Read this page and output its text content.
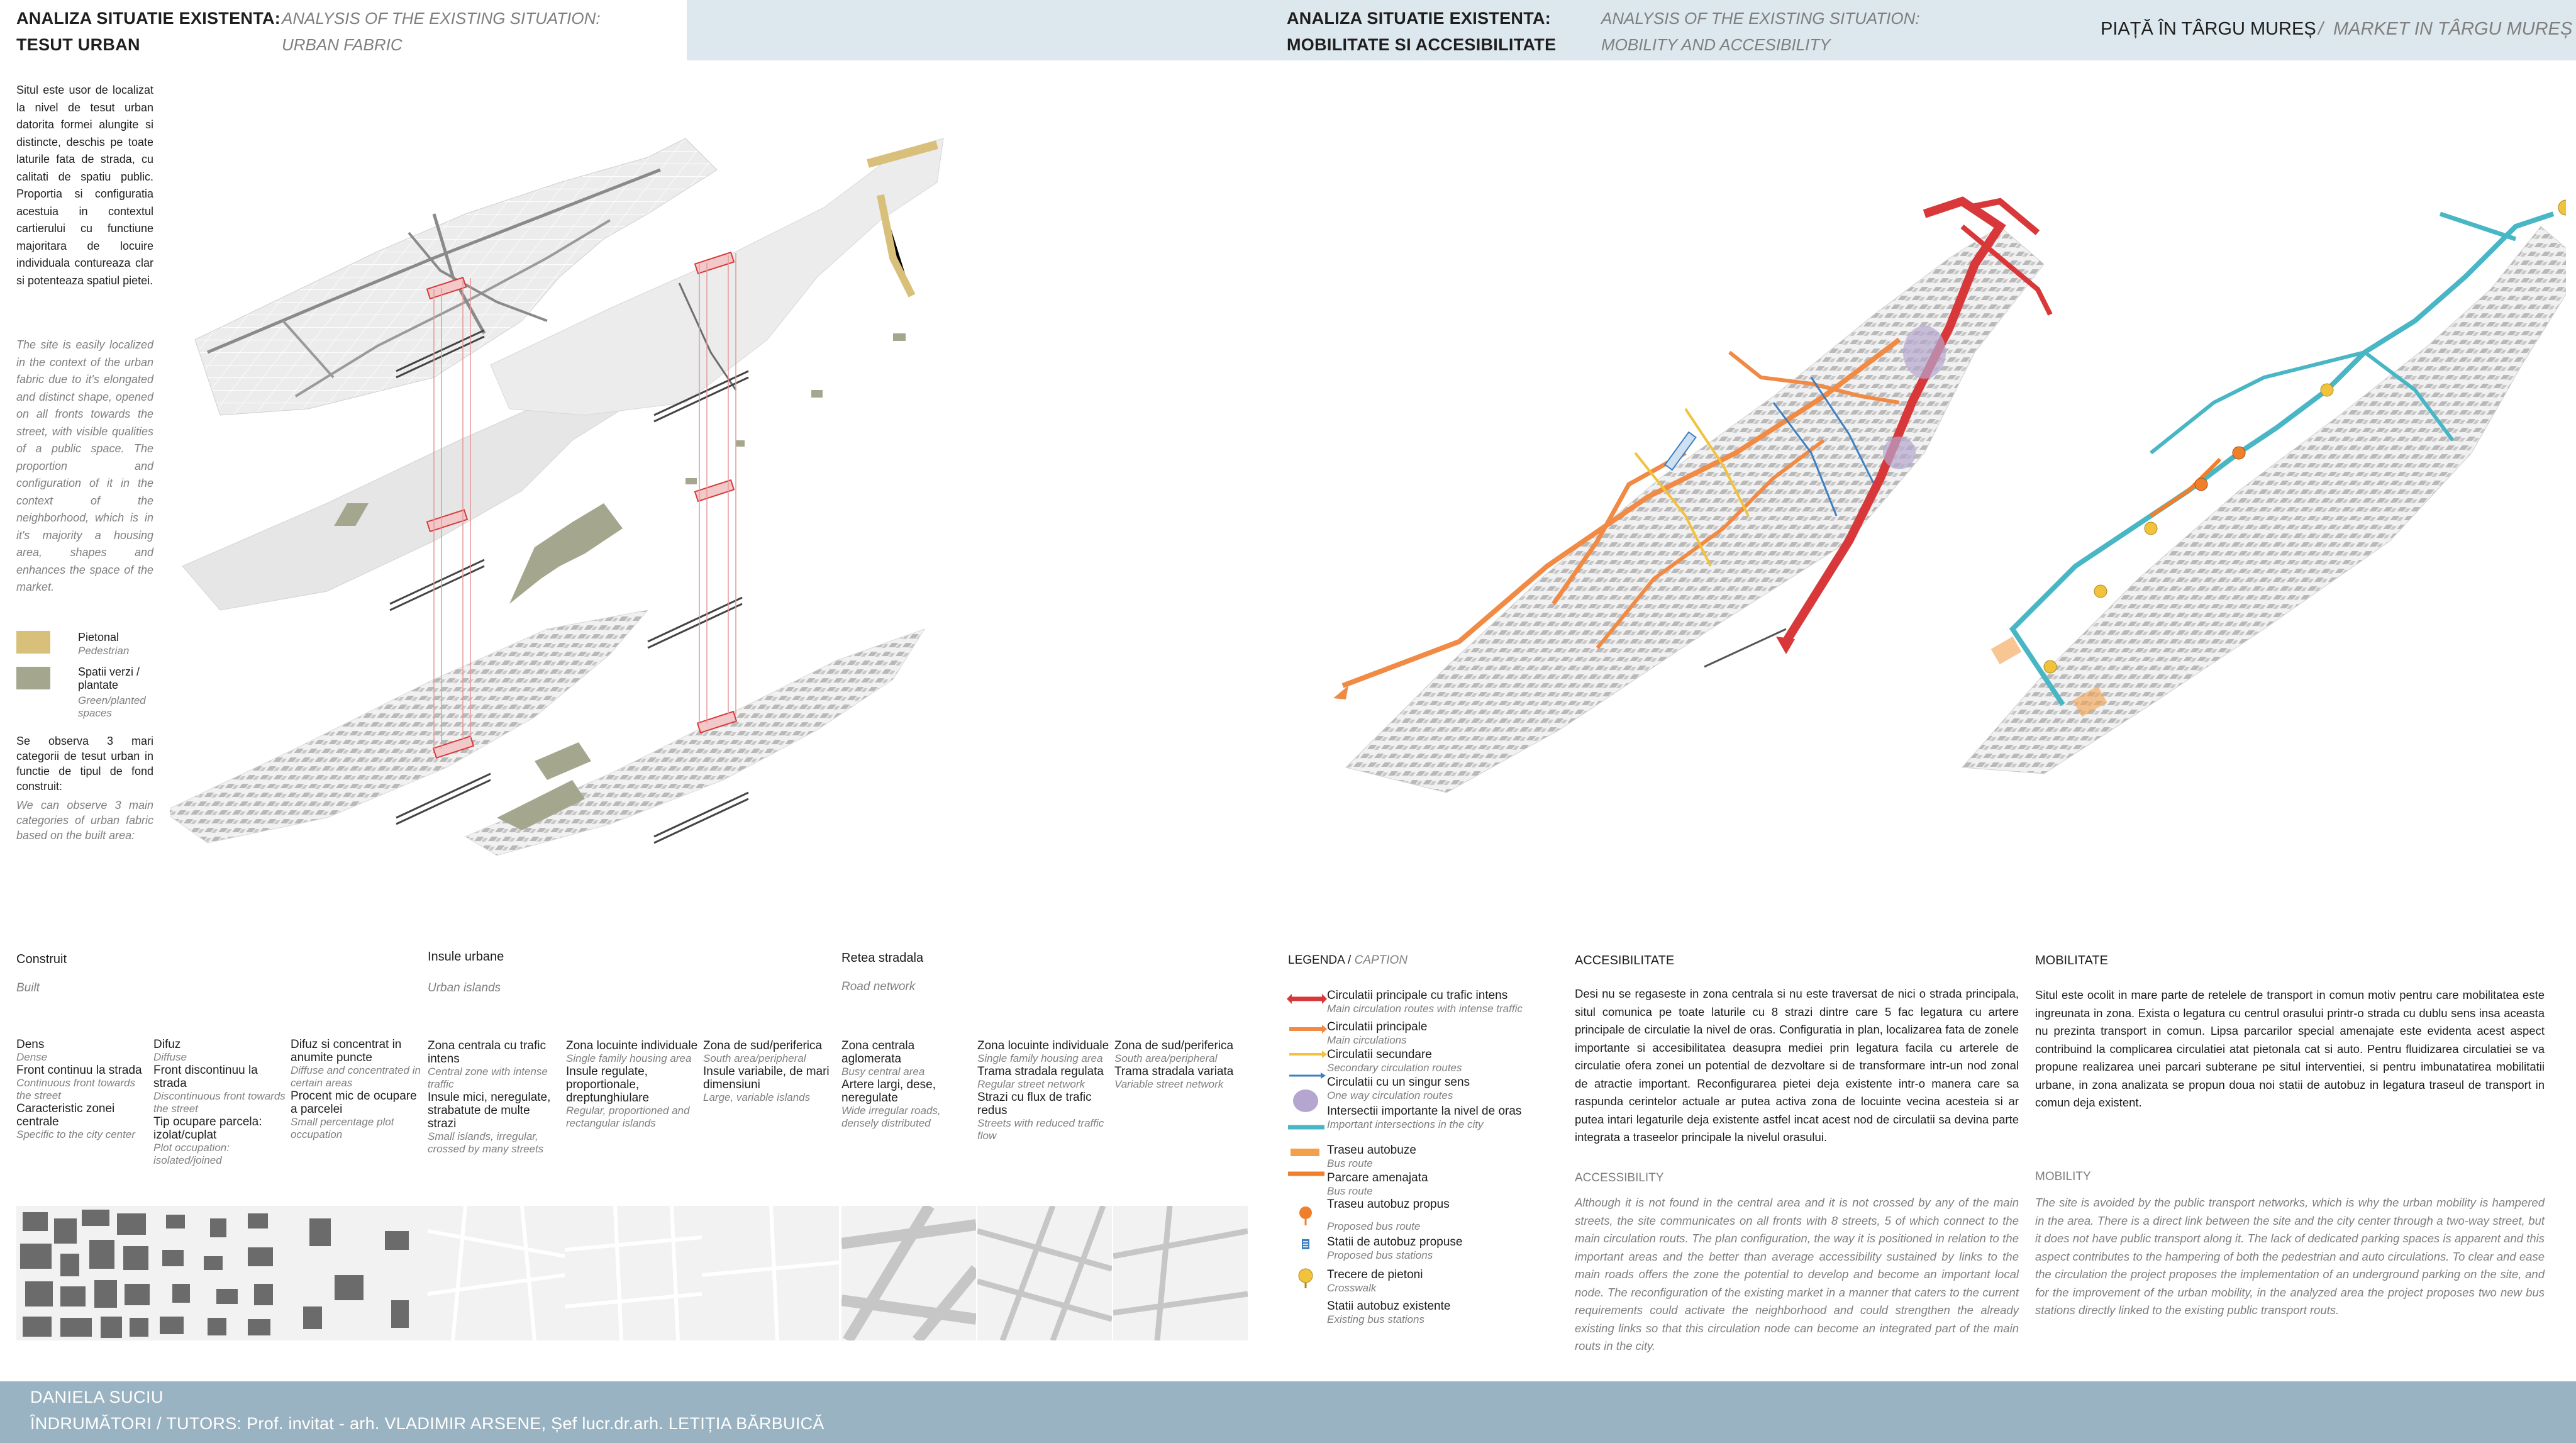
ANALIZA SITUATIE EXISTENTA:
TESUT URBAN
ANALYSIS OF THE EXISTING SITUATION:
URBAN FABRIC
ANALIZA SITUATIE EXISTENTA:
MOBILITATE SI ACCESIBILITATE
ANALYSIS OF THE EXISTING SITUATION:
MOBILITY AND ACCESIBILITY
PIAȚĂ ÎN TÂRGU MUREȘ / MARKET IN TÂRGU MUREȘ
Situl este usor de localizat la nivel de tesut urban datorita formei alungite si distincte, deschis pe toate laturile fata de strada, cu calitati de spatiu public. Proportia si configuratia acestuia in contextul cartierului cu functiune majoritara de locuire individuala contureaza clar si potenteaza spatiul pietei.
The site is easily localized in the context of the urban fabric due to it's elongated and distinct shape, opened on all fronts towards the street, with visible qualities of a public space. The proportion and configuration of it in the context of the neighborhood, which is in it's majority a housing area, shapes and enhances the space of the market.
Pietonal
Pedestrian
Spatii verzi / plantate
Green/planted spaces
Se observa 3 mari categorii de tesut urban in functie de tipul de fond construit:
We can observe 3 main categories of urban fabric based on the built area:
Construit
Built
Insule urbane
Urban islands
Retea stradala
Road network
Dens
Dense
Front continuu la strada
Continuous front towards the street
Caracteristic zonei centrale
Specific to the city center
Difuz
Diffuse
Front discontinuu la strada
Discontinuous front towards the street
Tip ocupare parcela: izolat/cuplat
Plot occupation: isolated/joined
Difuz si concentrat in anumite puncte
Diffuse and concentrated in certain areas
Procent mic de ocupare a parcelei
Small percentage plot occupation
Zona centrala cu trafic intens
Central zone with intense traffic
Insule mici, neregulate, strabatute de multe strazi
Small islands, irregular, crossed by many streets
Zona locuinte individuale
Single family housing area
Insule regulate, proportionale, dreptunghiulare
Regular, proportioned and rectangular islands
Zona de sud/periferica
South area/peripheral
Insule variabile, de mari dimensiuni
Large, variable islands
Zona centrala aglomerata
Busy central area
Artere largi, dese, neregulate
Wide irregular roads, densely distributed
Zona locuinte individuale
Single family housing area
Trama stradala regulata
Regular street network
Strazi cu flux de trafic redus
Streets with reduced traffic flow
Zona de sud/periferica
South area/peripheral
Trama stradala variata
Variable street network
LEGENDA / CAPTION
Circulatii principale cu trafic intens
Main circulation routes with intense traffic
Circulatii principale
Main circulations
Circulatii secundare
Secondary circulation routes
Circulatii cu un singur sens
One way circulation routes
Intersectii importante la nivel de oras
Important intersections in the city
Traseu autobuze
Bus route
Parcare amenajata
Bus route
Traseu autobuz propus
Proposed bus route
Statii de autobuz propuse
Proposed bus stations
Trecere de pietoni
Crosswalk
Statii autobuz existente
Existing bus stations
ACCESIBILITATE
Desi nu se regaseste in zona centrala si nu este traversat de nici o strada principala, situl comunica pe toate laturile cu 8 strazi dintre care 5 fac legatura cu artere principale de circulatie la nivel de oras. Configuratia in plan, localizarea fata de zonele importante si accesibilitatea deasupra mediei prin legatura facila cu arterele de circulatie ofera zonei un potential de dezvoltare si de transformare intr-un nod zonal de atractie important. Reconfigurarea pietei deja existente intr-o manera care sa raspunda cerintelor actuale ar putea activa zona de locuinte vecina acesteia si ar putea intari legaturile deja existente astfel incat acest nod de circulatii sa devina parte integrata a traseelor principale la nivelul orasului.
ACCESSIBILITY
Although it is not found in the central area and it is not crossed by any of the main streets, the site communicates on all fronts with 8 streets, 5 of which connect to the main circulation routs. The plan configuration, the way it is positioned in relation to the important areas and the better than average accessibility sustained by links to the main roads offers the zone the potential to develop and become an important local node. The reconfiguration of the existing market in a manner that caters to the current requirements could activate the neighborhood and could strengthen the already existing links so that this circulation node can become an integrated part of the main routs in the city.
MOBILITATE
Situl este ocolit in mare parte de retelele de transport in comun motiv pentru care mobilitatea este ingreunata in zona. Exista o legatura cu centrul orasului printr-o strada cu dublu sens insa aceasta nu prezinta transport in comun. Lipsa parcarilor special amenajate este evidenta acest aspect contribuind la complicarea circulatiei atat pietonala cat si auto. Pentru fluidizarea circulatiei se va propune realizarea unei parcari subterane pe situl interventiei, si pentru imbunatatirea mobilitatii urbane, in zona analizata se propun doua noi statii de autobuz in legatura traseul de transport in comun deja existent.
MOBILITY
The site is avoided by the public transport networks, which is why the urban mobility is hampered in the area. There is a direct link between the site and the city center through a two-way street, but it does not have public transport along it. The lack of dedicated parking spaces is apparent and this aspect contributes to the hampering of both the pedestrian and auto circulations. To clear and ease the circulation the project proposes the implementation of an underground parking on the site, and for the improvement of the urban mobility, in the analyzed area the project proposes two new bus stations directly linked to the existing public transport routs.
DANIELA SUCIU
ÎNDRUMĂTORI / TUTORS: Prof. invitat - arh. VLADIMIR ARSENE, Șef lucr.dr.arh. LETIȚIA BĂRBUICĂ
